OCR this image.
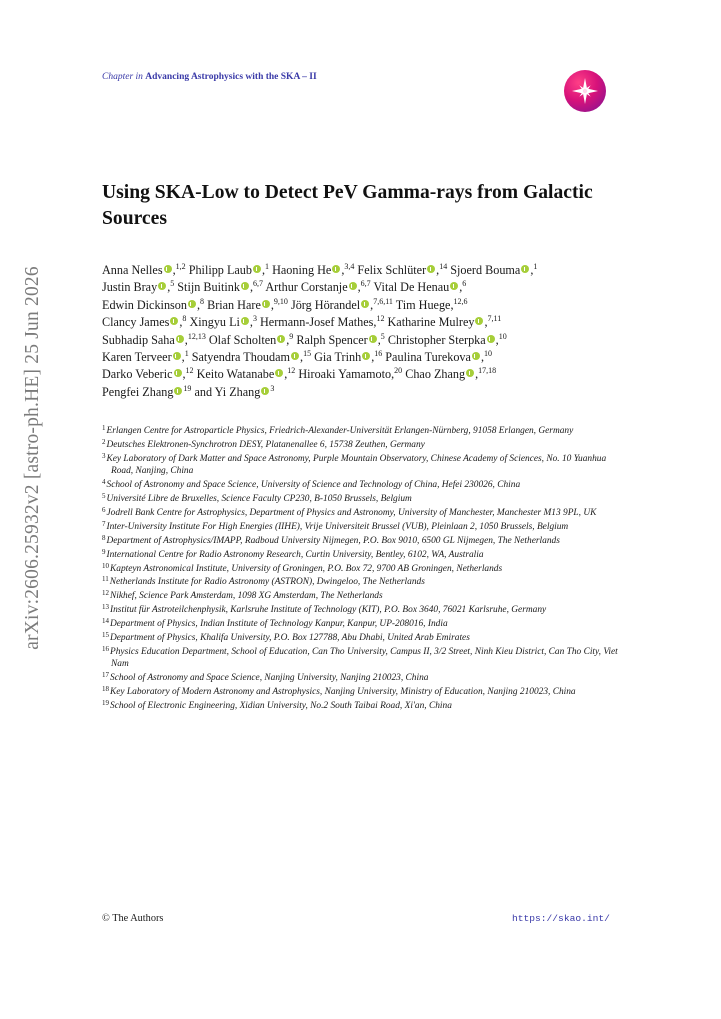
arXiv:2606.25932v2 [astro-ph.HE] 25 Jun 2026
Chapter in Advancing Astrophysics with the SKA – II
Using SKA-Low to Detect PeV Gamma-rays from Galactic Sources
Anna Nelles ,$^{1,2}$ Philipp Laub ,$^1$ Haoning He ,$^{3,4}$ Felix Schlüter ,$^{14}$ Sjoerd Bouma ,$^1$
Justin Bray ,$^5$ Stijn Buitink ,$^{6,7}$ Arthur Corstanje ,$^{6,7}$ Vital De Henau ,$^6$
Edwin Dickinson ,$^8$ Brian Hare ,$^{9,10}$ Jörg Hörandel ,$^{7,6,11}$ Tim Huege,$^{12,6}$
Clancy James ,$^8$ Xingyu Li ,$^3$ Hermann-Josef Mathes,$^{12}$ Katharine Mulrey ,$^{7,11}$
Subhadip Saha ,$^{12,13}$ Olaf Scholten ,$^9$ Ralph Spencer ,$^5$ Christopher Sterpka ,$^{10}$
Karen Terveer ,$^1$ Satyendra Thoudam ,$^{15}$ Gia Trinh ,$^{16}$ Paulina Turekova ,$^{10}$
Darko Veberic ,$^{12}$ Keito Watanabe ,$^{12}$ Hiroaki Yamamoto,$^{20}$ Chao Zhang ,$^{17,18}$
Pengfei Zhang $^{19}$ and Yi Zhang $^3$
$^1$Erlangen Centre for Astroparticle Physics, Friedrich-Alexander-Universität Erlangen-Nürnberg, 91058 Erlangen, Germany
$^2$Deutsches Elektronen-Synchrotron DESY, Platanenallee 6, 15738 Zeuthen, Germany
$^3$Key Laboratory of Dark Matter and Space Astronomy, Purple Mountain Observatory, Chinese Academy of Sciences, No. 10 Yuanhua Road, Nanjing, China
$^4$School of Astronomy and Space Science, University of Science and Technology of China, Hefei 230026, China
$^5$Université Libre de Bruxelles, Science Faculty CP230, B-1050 Brussels, Belgium
$^6$Jodrell Bank Centre for Astrophysics, Department of Physics and Astronomy, University of Manchester, Manchester M13 9PL, UK
$^7$Inter-University Institute For High Energies (IIHE), Vrije Universiteit Brussel (VUB), Pleinlaan 2, 1050 Brussels, Belgium
$^8$Department of Astrophysics/IMAPP, Radboud University Nijmegen, P.O. Box 9010, 6500 GL Nijmegen, The Netherlands
$^9$International Centre for Radio Astronomy Research, Curtin University, Bentley, 6102, WA, Australia
$^{10}$Kapteyn Astronomical Institute, University of Groningen, P.O. Box 72, 9700 AB Groningen, Netherlands
$^{11}$Netherlands Institute for Radio Astronomy (ASTRON), Dwingeloo, The Netherlands
$^{12}$Nikhef, Science Park Amsterdam, 1098 XG Amsterdam, The Netherlands
$^{13}$Institut für Astroteilchenphysik, Karlsruhe Institute of Technology (KIT), P.O. Box 3640, 76021 Karlsruhe, Germany
$^{14}$Department of Physics, Indian Institute of Technology Kanpur, Kanpur, UP-208016, India
$^{15}$Department of Physics, Khalifa University, P.O. Box 127788, Abu Dhabi, United Arab Emirates
$^{16}$Physics Education Department, School of Education, Can Tho University, Campus II, 3/2 Street, Ninh Kieu District, Can Tho City, Viet Nam
$^{17}$School of Astronomy and Space Science, Nanjing University, Nanjing 210023, China
$^{18}$Key Laboratory of Modern Astronomy and Astrophysics, Nanjing University, Ministry of Education, Nanjing 210023, China
$^{19}$School of Electronic Engineering, Xidian University, No.2 South Taibai Road, Xi'an, China
© The Authors	https://skao.int/
